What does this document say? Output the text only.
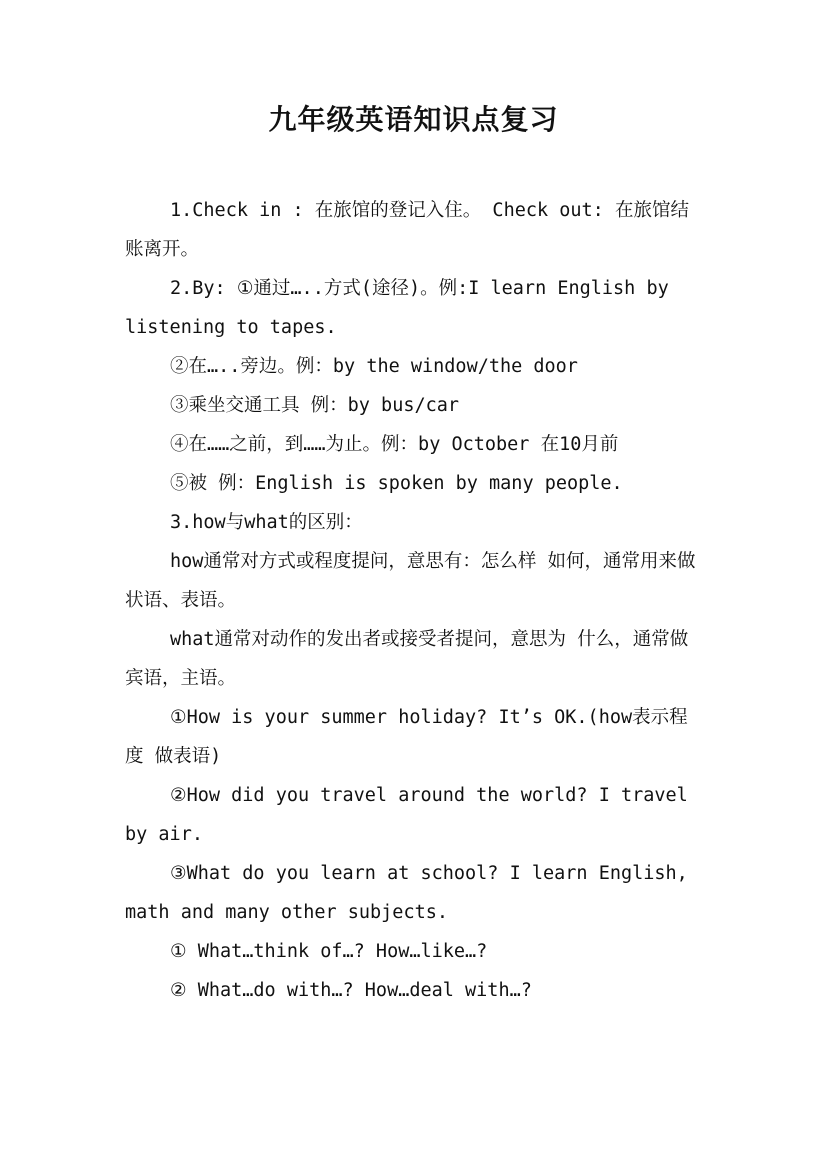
九年级英语知识点复习

1.Check in : 在旅馆的登记入住。 Check out: 在旅馆结账离开。

2.By: ①通过…..方式(途径)。例:I learn English by listening to tapes.

②在…..旁边。例：by the window/the door

③乘坐交通工具 例：by bus/car

④在……之前，到……为止。例：by October 在10月前

⑤被 例：English is spoken by many people.

3.how与what的区别：

how通常对方式或程度提问，意思有：怎么样 如何，通常用来做状语、表语。

what通常对动作的发出者或接受者提问，意思为 什么，通常做宾语，主语。

①How is your summer holiday? It’s OK.(how表示程度 做表语)

②How did you travel around the world? I travel by air.

③What do you learn at school? I learn English, math and many other subjects.

① What…think of…? How…like…?

② What…do with…? How…deal with…?
